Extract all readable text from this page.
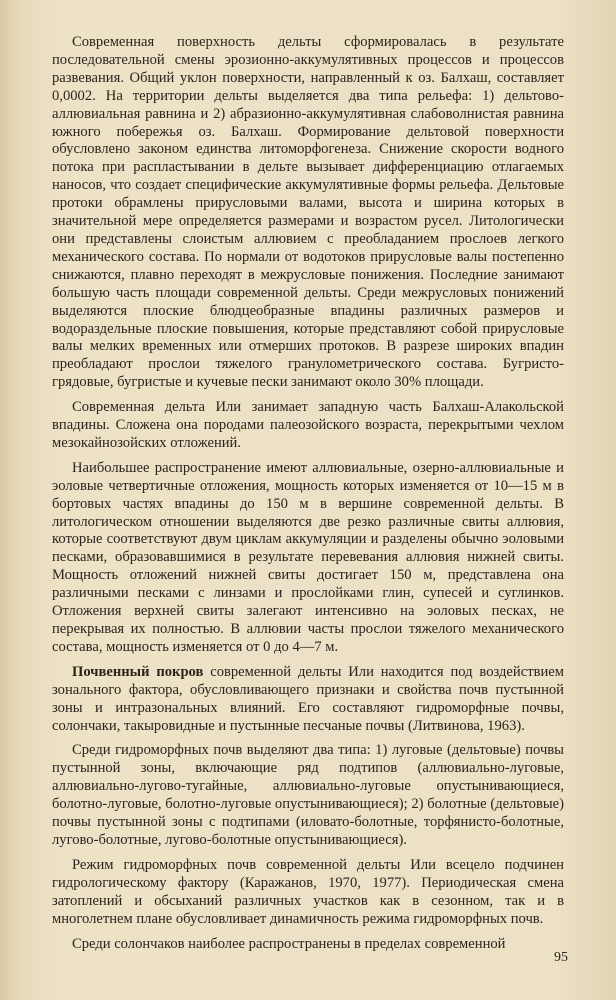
Современная поверхность дельты сформировалась в результате последовательной смены эрозионно-аккумулятивных процессов и процессов развевания. Общий уклон поверхности, направленный к оз. Балхаш, составляет 0,0002. На территории дельты выделяется два типа рельефа: 1) дельтово-аллювиальная равнина и 2) абразионно-аккумулятивная слабоволнистая равнина южного побережья оз. Балхаш. Формирование дельтовой поверхности обусловлено законом единства литоморфогенеза. Снижение скорости водного потока при распластывании в дельте вызывает дифференциацию отлагаемых наносов, что создает специфические аккумулятивные формы рельефа. Дельтовые протоки обрамлены прирусловыми валами, высота и ширина которых в значительной мере определяется размерами и возрастом русел. Литологически они представлены слоистым аллювием с преобладанием прослоев легкого механического состава. По нормали от водотоков прирусловые валы постепенно снижаются, плавно переходят в межрусловые понижения. Последние занимают большую часть площади современной дельты. Среди межрусловых понижений выделяются плоские блюдцеобразные впадины различных размеров и водораздельные плоские повышения, которые представляют собой прирусловые валы мелких временных или отмерших протоков. В разрезе широких впадин преобладают прослои тяжелого гранулометрического состава. Бугристо-грядовые, бугристые и кучевые пески занимают около 30% площади.

Современная дельта Или занимает западную часть Балхаш-Алакольской впадины. Сложена она породами палеозойского возраста, перекрытыми чехлом мезокайнозойских отложений.

Наибольшее распространение имеют аллювиальные, озерно-аллювиальные и эоловые четвертичные отложения, мощность которых изменяется от 10—15 м в бортовых частях впадины до 150 м в вершине современной дельты. В литологическом отношении выделяются две резко различные свиты аллювия, которые соответствуют двум циклам аккумуляции и разделены обычно эоловыми песками, образовавшимися в результате перевевания аллювия нижней свиты. Мощность отложений нижней свиты достигает 150 м, представлена она различными песками с линзами и прослойками глин, супесей и суглинков. Отложения верхней свиты залегают интенсивно на эоловых песках, не перекрывая их полностью. В аллювии часты прослои тяжелого механического состава, мощность изменяется от 0 до 4—7 м.

Почвенный покров современной дельты Или находится под воздействием зонального фактора, обусловливающего признаки и свойства почв пустынной зоны и интразональных влияний. Его составляют гидроморфные почвы, солончаки, такыровидные и пустынные песчаные почвы (Литвинова, 1963).

Среди гидроморфных почв выделяют два типа: 1) луговые (дельтовые) почвы пустынной зоны, включающие ряд подтипов (аллювиально-луговые, аллювиально-лугово-тугайные, аллювиально-луговые опустынивающиеся, болотно-луговые, болотно-луговые опустынивающиеся); 2) болотные (дельтовые) почвы пустынной зоны с подтипами (иловато-болотные, торфянисто-болотные, лугово-болотные, лугово-болотные опустынивающиеся).

Режим гидроморфных почв современной дельты Или всецело подчинен гидрологическому фактору (Каражанов, 1970, 1977). Периодическая смена затоплений и обсыханий различных участков как в сезонном, так и в многолетнем плане обусловливает динамичность режима гидроморфных почв.

Среди солончаков наиболее распространены в пределах современной

95
